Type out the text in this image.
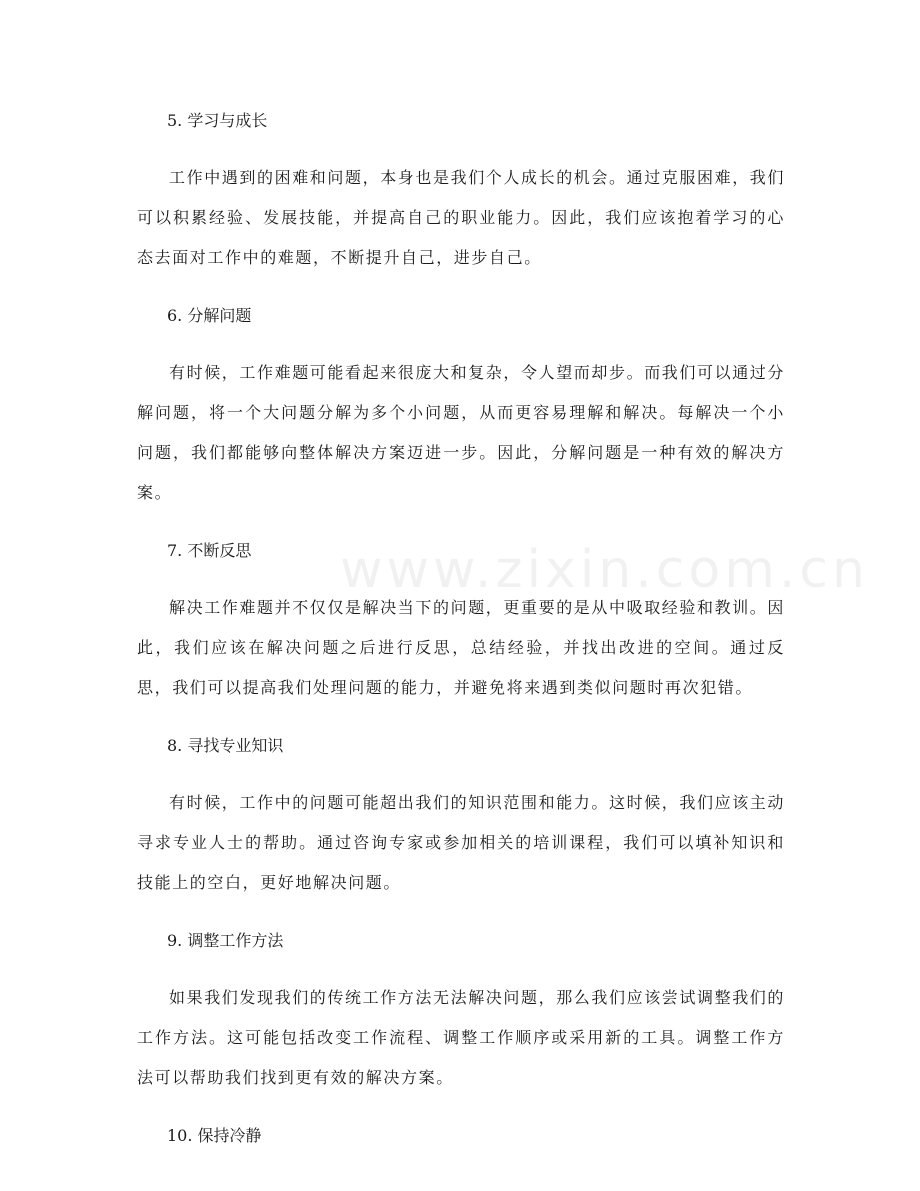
www.zixin.com.cn
5. 学习与成长

工作中遇到的困难和问题，本身也是我们个人成长的机会。通过克服困难，我们可以积累经验、发展技能，并提高自己的职业能力。因此，我们应该抱着学习的心态去面对工作中的难题，不断提升自己，进步自己。

6. 分解问题

有时候，工作难题可能看起来很庞大和复杂，令人望而却步。而我们可以通过分解问题，将一个大问题分解为多个小问题，从而更容易理解和解决。每解决一个小问题，我们都能够向整体解决方案迈进一步。因此，分解问题是一种有效的解决方案。

7. 不断反思

解决工作难题并不仅仅是解决当下的问题，更重要的是从中吸取经验和教训。因此，我们应该在解决问题之后进行反思，总结经验，并找出改进的空间。通过反思，我们可以提高我们处理问题的能力，并避免将来遇到类似问题时再次犯错。

8. 寻找专业知识

有时候，工作中的问题可能超出我们的知识范围和能力。这时候，我们应该主动寻求专业人士的帮助。通过咨询专家或参加相关的培训课程，我们可以填补知识和技能上的空白，更好地解决问题。

9. 调整工作方法

如果我们发现我们的传统工作方法无法解决问题，那么我们应该尝试调整我们的工作方法。这可能包括改变工作流程、调整工作顺序或采用新的工具。调整工作方法可以帮助我们找到更有效的解决方案。

10. 保持冷静
